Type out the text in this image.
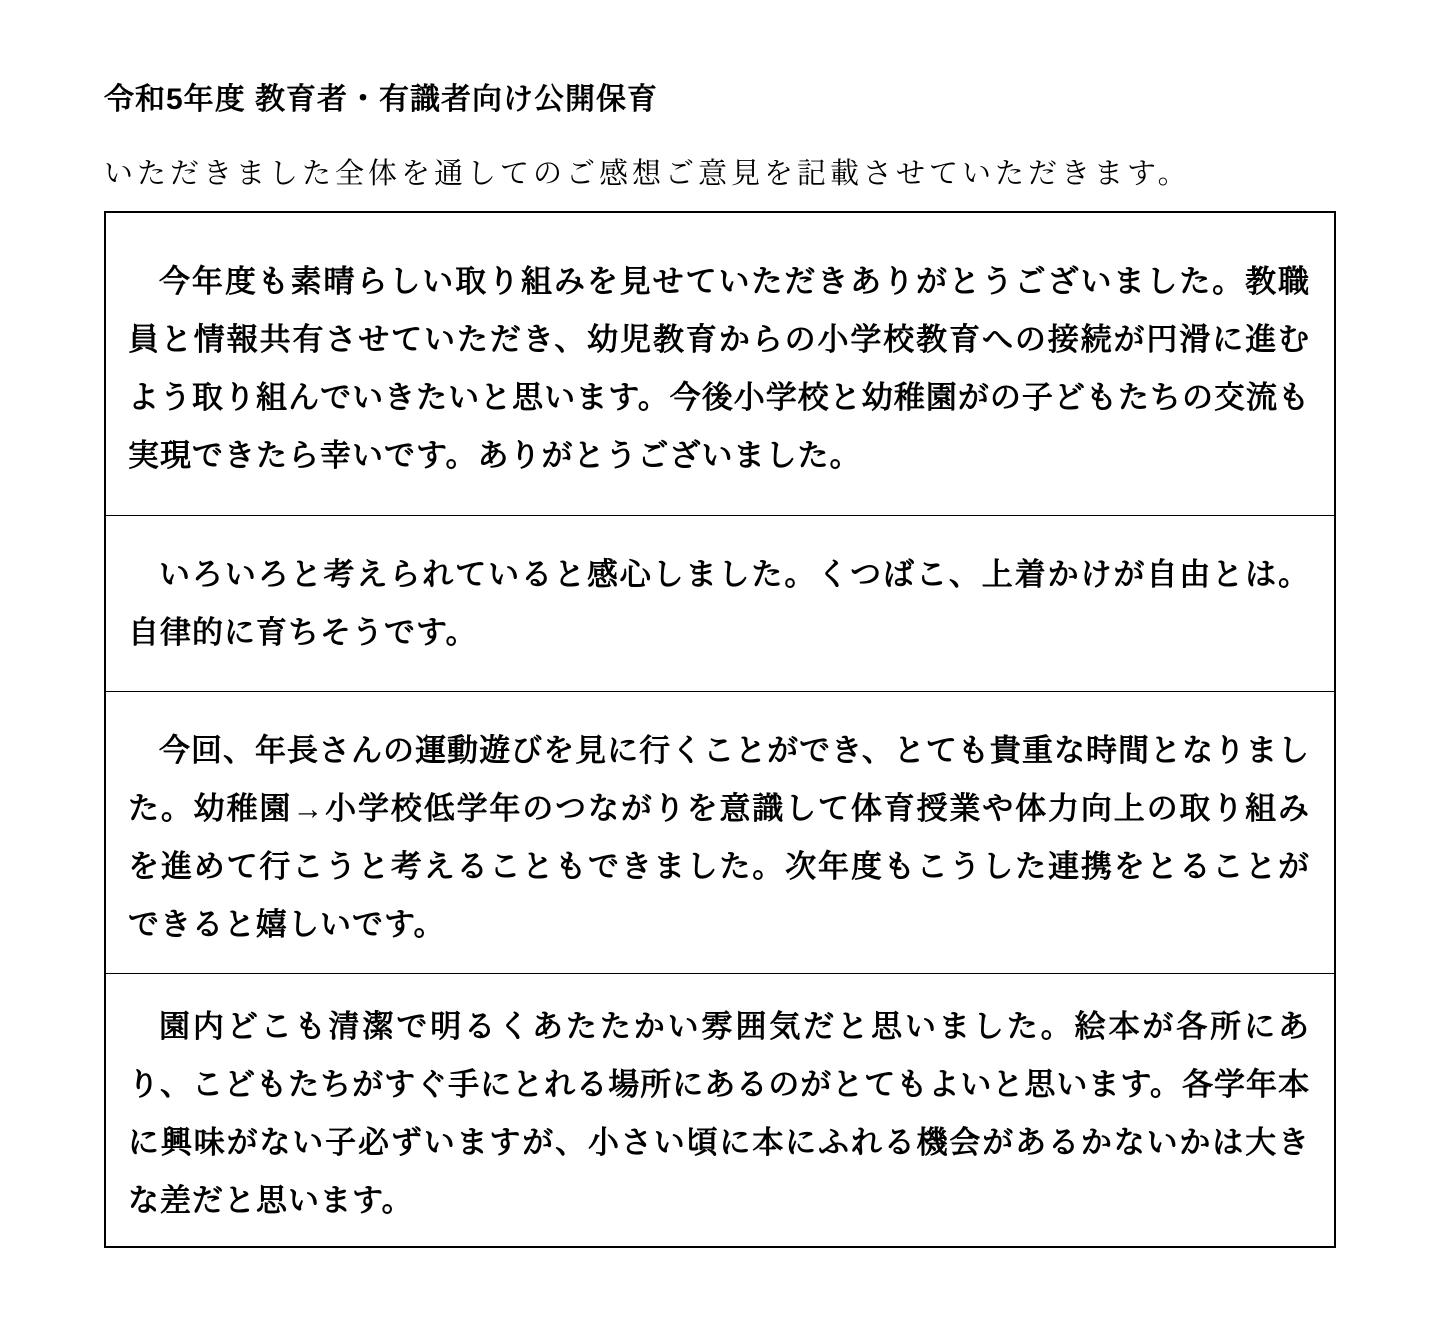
令和5年度 教育者・有識者向け公開保育

いただきました全体を通してのご感想ご意見を記載させていただきます。

今年度も素晴らしい取り組みを見せていただきありがとうございました。教職員と情報共有させていただき、幼児教育からの小学校教育への接続が円滑に進むよう取り組んでいきたいと思います。今後小学校と幼稚園がの子どもたちの交流も実現できたら幸いです。ありがとうございました。

いろいろと考えられていると感心しました。くつばこ、上着かけが自由とは。自律的に育ちそうです。

今回、年長さんの運動遊びを見に行くことができ、とても貴重な時間となりました。幼稚園→小学校低学年のつながりを意識して体育授業や体力向上の取り組みを進めて行こうと考えることもできました。次年度もこうした連携をとることができると嬉しいです。

園内どこも清潔で明るくあたたかい雰囲気だと思いました。絵本が各所にあり、こどもたちがすぐ手にとれる場所にあるのがとてもよいと思います。各学年本に興味がない子必ずいますが、小さい頃に本にふれる機会があるかないかは大きな差だと思います。
